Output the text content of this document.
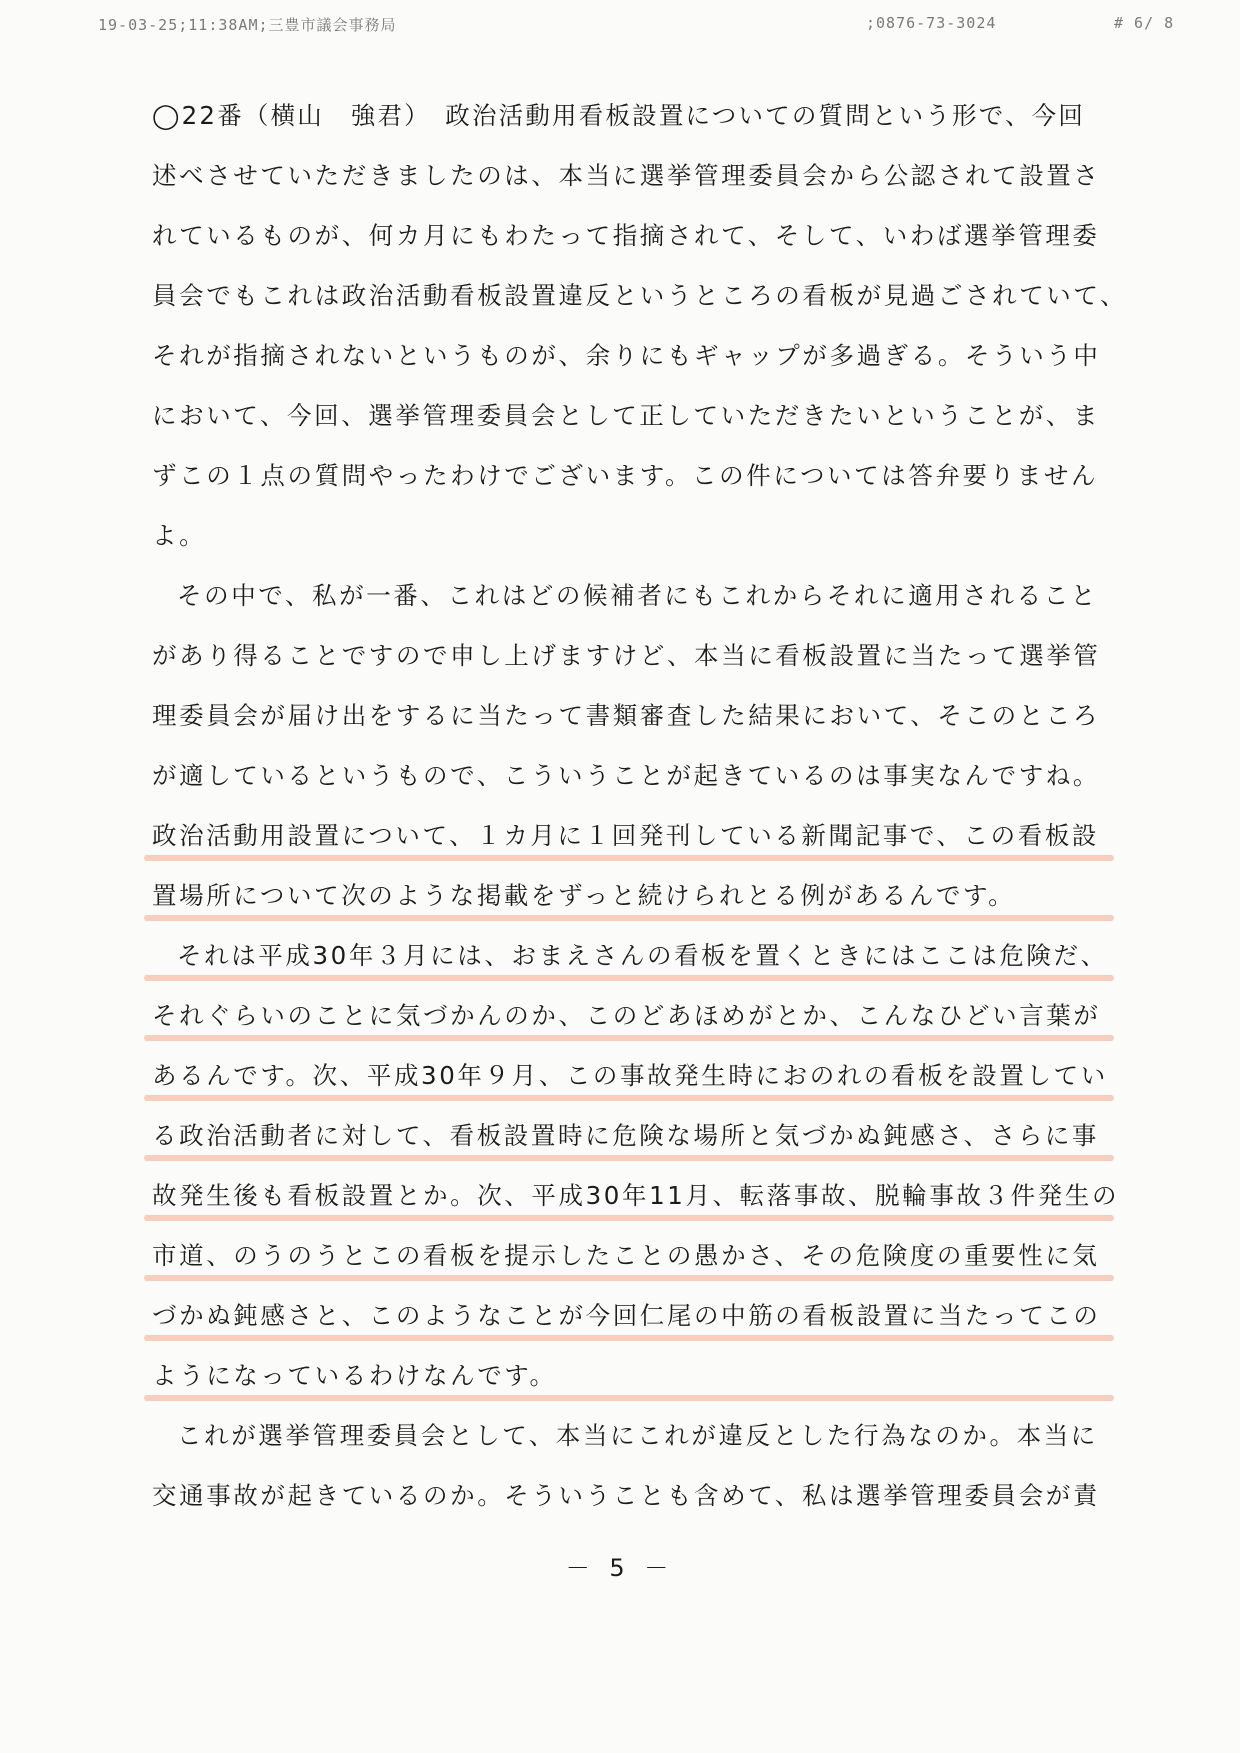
19-03-25;11:38AM;三豊市議会事務局	;0876-73-3024	# 6/ 8
◯22番（横山　強君）　政治活動用看板設置についての質問という形で、今回
述べさせていただきましたのは、本当に選挙管理委員会から公認されて設置さ
れているものが、何カ月にもわたって指摘されて、そして、いわば選挙管理委
員会でもこれは政治活動看板設置違反というところの看板が見過ごされていて、
それが指摘されないというものが、余りにもギャップが多過ぎる。そういう中
において、今回、選挙管理委員会として正していただきたいということが、ま
ずこの１点の質問やったわけでございます。この件については答弁要りません
よ。
その中で、私が一番、これはどの候補者にもこれからそれに適用されること
があり得ることですので申し上げますけど、本当に看板設置に当たって選挙管
理委員会が届け出をするに当たって書類審査した結果において、そこのところ
が適しているというもので、こういうことが起きているのは事実なんですね。
政治活動用設置について、１カ月に１回発刊している新聞記事で、この看板設
置場所について次のような掲載をずっと続けられとる例があるんです。
それは平成30年３月には、おまえさんの看板を置くときにはここは危険だ、
それぐらいのことに気づかんのか、このどあほめがとか、こんなひどい言葉が
あるんです。次、平成30年９月、この事故発生時におのれの看板を設置してい
る政治活動者に対して、看板設置時に危険な場所と気づかぬ鈍感さ、さらに事
故発生後も看板設置とか。次、平成30年11月、転落事故、脱輪事故３件発生の
市道、のうのうとこの看板を提示したことの愚かさ、その危険度の重要性に気
づかぬ鈍感さと、このようなことが今回仁尾の中筋の看板設置に当たってこの
ようになっているわけなんです。
これが選挙管理委員会として、本当にこれが違反とした行為なのか。本当に
交通事故が起きているのか。そういうことも含めて、私は選挙管理委員会が責
－ 5 －
